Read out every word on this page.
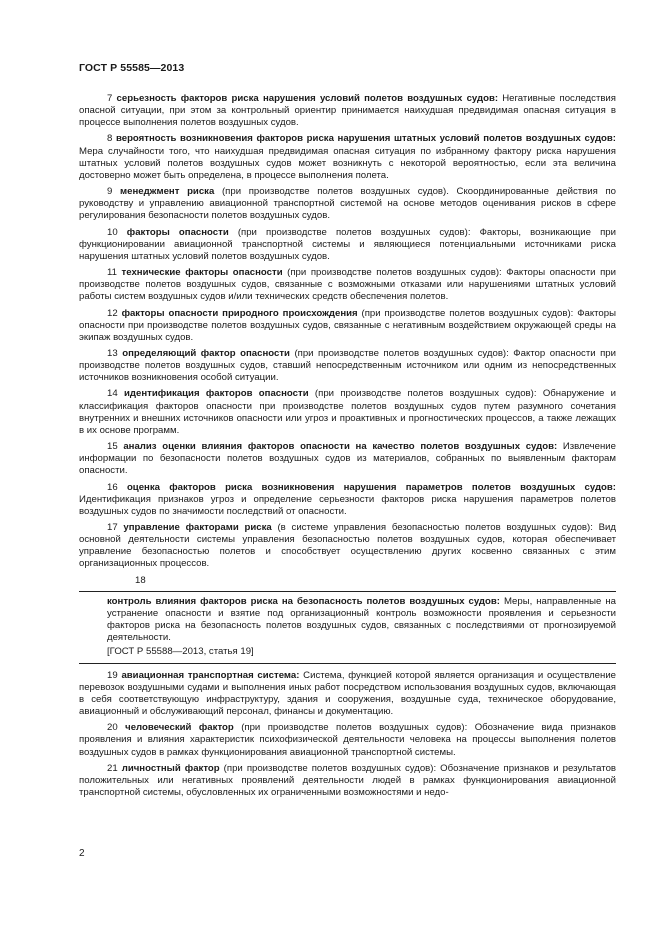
ГОСТ Р 55585—2013

7 серьезность факторов риска нарушения условий полетов воздушных судов: Негативные последствия опасной ситуации, при этом за контрольный ориентир принимается наихудшая предвидимая опасная ситуация в процессе выполнения полетов воздушных судов.

8 вероятность возникновения факторов риска нарушения штатных условий полетов воздушных судов: Мера случайности того, что наихудшая предвидимая опасная ситуация по избранному фактору риска нарушения штатных условий полетов воздушных судов может возникнуть с некоторой вероятностью, если эта величина достоверно может быть определена, в процессе выполнения полета.

9 менеджмент риска (при производстве полетов воздушных судов). Скоординированные действия по руководству и управлению авиационной транспортной системой на основе методов оценивания рисков в сфере регулирования безопасности полетов воздушных судов.

10 факторы опасности (при производстве полетов воздушных судов): Факторы, возникающие при функционировании авиационной транспортной системы и являющиеся потенциальными источниками риска нарушения штатных условий полетов воздушных судов.

11 технические факторы опасности (при производстве полетов воздушных судов): Факторы опасности при производстве полетов воздушных судов, связанные с возможными отказами или нарушениями штатных условий работы систем воздушных судов и/или технических средств обеспечения полетов.

12 факторы опасности природного происхождения (при производстве полетов воздушных судов): Факторы опасности при производстве полетов воздушных судов, связанные с негативным воздействием окружающей среды на экипаж воздушных судов.

13 определяющий фактор опасности (при производстве полетов воздушных судов): Фактор опасности при производстве полетов воздушных судов, ставший непосредственным источником или одним из непосредственных источников возникновения особой ситуации.

14 идентификация факторов опасности (при производстве полетов воздушных судов): Обнаружение и классификация факторов опасности при производстве полетов воздушных судов путем разумного сочетания внутренних и внешних источников опасности или угроз и проактивных и прогностических процессов, а также лежащих в их основе программ.

15 анализ оценки влияния факторов опасности на качество полетов воздушных судов: Извлечение информации по безопасности полетов воздушных судов из материалов, собранных по выявленным факторам опасности.

16 оценка факторов риска возникновения нарушения параметров полетов воздушных судов: Идентификация признаков угроз и определение серьезности факторов риска нарушения параметров полетов воздушных судов по значимости последствий от опасности.

17 управление факторами риска (в системе управления безопасностью полетов воздушных судов): Вид основной деятельности системы управления безопасностью полетов воздушных судов, которая обеспечивает управление безопасностью полетов и способствует осуществлению других косвенно связанных с этим организационных процессов.

18

контроль влияния факторов риска на безопасность полетов воздушных судов: Меры, направленные на устранение опасности и взятие под организационный контроль возможности проявления и серьезности факторов риска на безопасность полетов воздушных судов, связанных с последствиями от прогнозируемой деятельности.

[ГОСТ Р 55588—2013, статья 19]

19 авиационная транспортная система: Система, функцией которой является организация и осуществление перевозок воздушными судами и выполнения иных работ посредством использования воздушных судов, включающая в себя соответствующую инфраструктуру, здания и сооружения, воздушные суда, техническое оборудование, авиационный и обслуживающий персонал, финансы и документацию.

20 человеческий фактор (при производстве полетов воздушных судов): Обозначение вида признаков проявления и влияния характеристик психофизической деятельности человека на процессы выполнения полетов воздушных судов в рамках функционирования авиационной транспортной системы.

21 личностный фактор (при производстве полетов воздушных судов): Обозначение признаков и результатов положительных или негативных проявлений деятельности людей в рамках функционирования авиационной транспортной системы, обусловленных их ограниченными возможностями и недо-

2
